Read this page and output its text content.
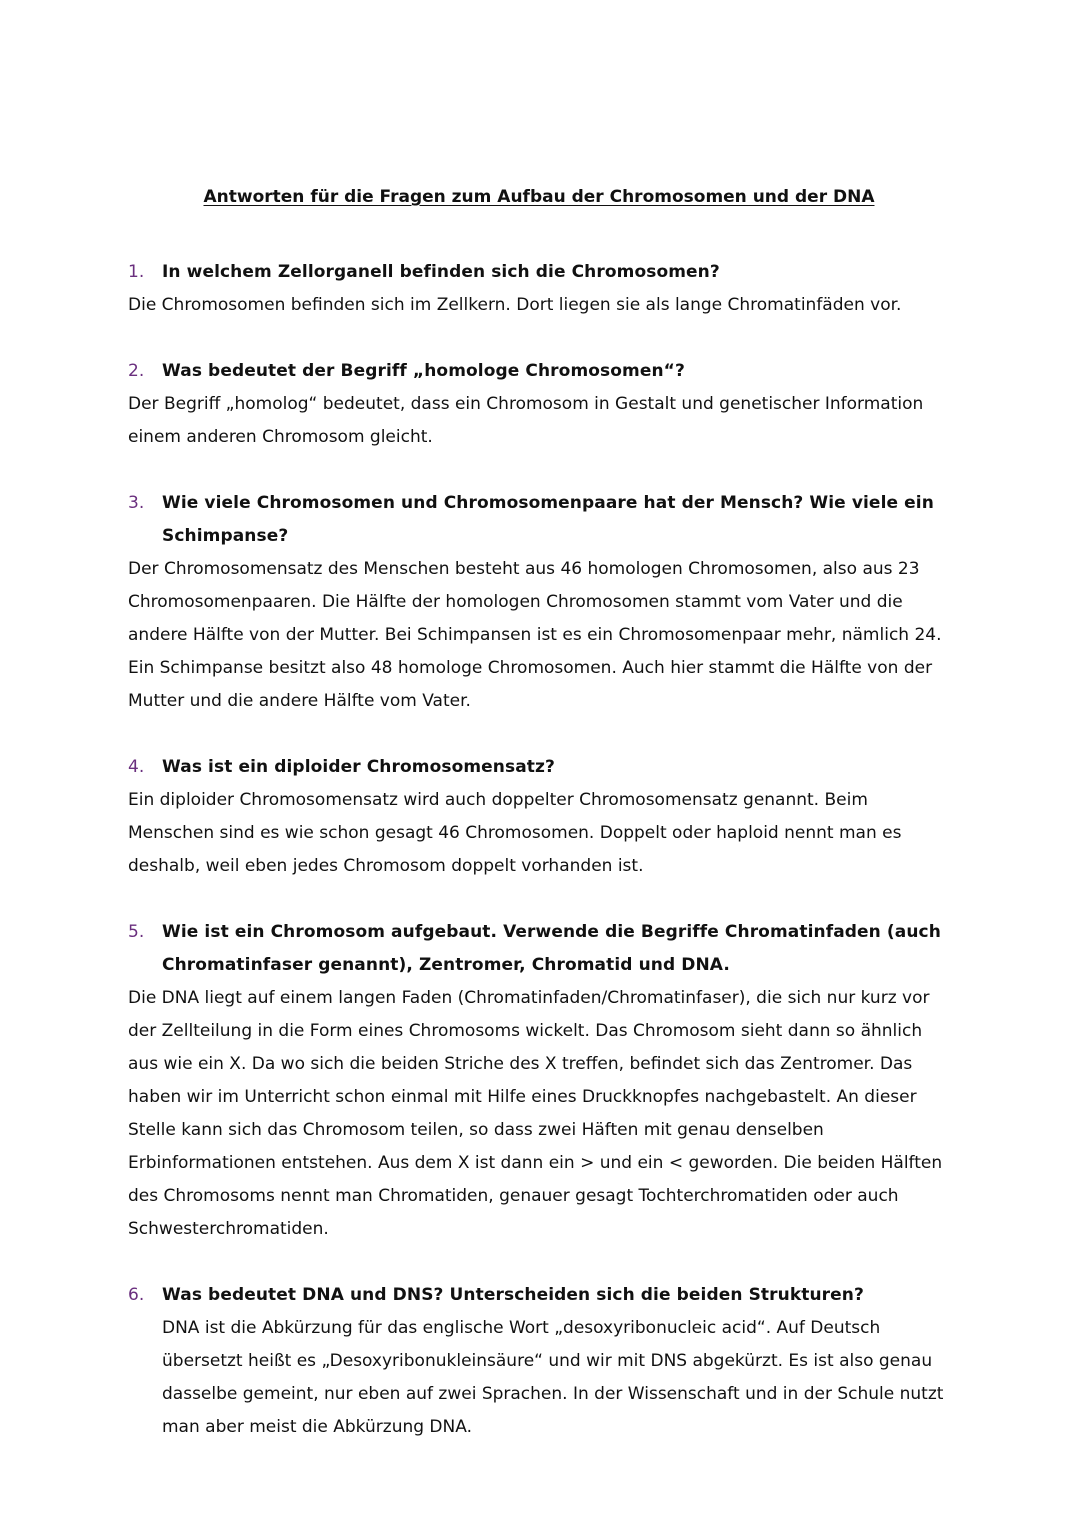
Antworten für die Fragen zum Aufbau der Chromosomen und der DNA

1.	In welchem Zellorganell befinden sich die Chromosomen?

Die Chromosomen befinden sich im Zellkern. Dort liegen sie als lange Chromatinfäden vor.

2.	Was bedeutet der Begriff „homologe Chromosomen“?

Der Begriff „homolog“ bedeutet, dass ein Chromosom in Gestalt und genetischer Information einem anderen Chromosom gleicht.

3.	Wie viele Chromosomen und Chromosomenpaare hat der Mensch? Wie viele ein Schimpanse?

Der Chromosomensatz des Menschen besteht aus 46 homologen Chromosomen, also aus 23 Chromosomenpaaren. Die Hälfte der homologen Chromosomen stammt vom Vater und die andere Hälfte von der Mutter. Bei Schimpansen ist es ein Chromosomenpaar mehr, nämlich 24. Ein Schimpanse besitzt also 48 homologe Chromosomen. Auch hier stammt die Hälfte von der Mutter und die andere Hälfte vom Vater.

4.	Was ist ein diploider Chromosomensatz?

Ein diploider Chromosomensatz wird auch doppelter Chromosomensatz genannt. Beim Menschen sind es wie schon gesagt 46 Chromosomen. Doppelt oder haploid nennt man es deshalb, weil eben jedes Chromosom doppelt vorhanden ist.

5.	Wie ist ein Chromosom aufgebaut. Verwende die Begriffe Chromatinfaden (auch Chromatinfaser genannt), Zentromer, Chromatid und DNA.

Die DNA liegt auf einem langen Faden (Chromatinfaden/Chromatinfaser), die sich nur kurz vor der Zellteilung in die Form eines Chromosoms wickelt. Das Chromosom sieht dann so ähnlich aus wie ein X. Da wo sich die beiden Striche des X treffen, befindet sich das Zentromer. Das haben wir im Unterricht schon einmal mit Hilfe eines Druckknopfes nachgebastelt. An dieser Stelle kann sich das Chromosom teilen, so dass zwei Häften mit genau denselben Erbinformationen entstehen. Aus dem X ist dann ein > und ein < geworden. Die beiden Hälften des Chromosoms nennt man Chromatiden, genauer gesagt Tochterchromatiden oder auch Schwesterchromatiden.

6.	Was bedeutet DNA und DNS? Unterscheiden sich die beiden Strukturen?

DNA ist die Abkürzung für das englische Wort „desoxyribonucleic acid“. Auf Deutsch übersetzt heißt es „Desoxyribonukleinsäure“ und wir mit DNS abgekürzt. Es ist also genau dasselbe gemeint, nur eben auf zwei Sprachen. In der Wissenschaft und in der Schule nutzt man aber meist die Abkürzung DNA.
